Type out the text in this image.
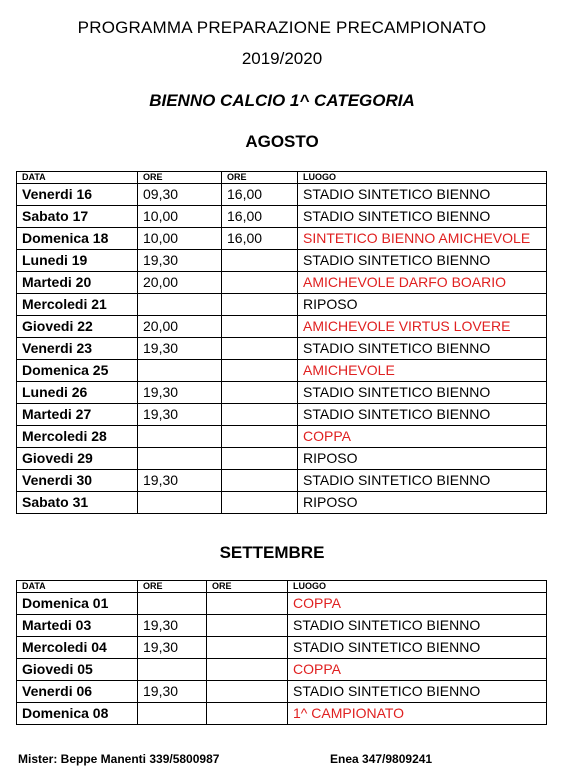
PROGRAMMA PREPARAZIONE PRECAMPIONATO
2019/2020
BIENNO CALCIO 1^ CATEGORIA
AGOSTO
DATA	ORE	ORE	LUOGO
Venerdi 16	09,30	16,00	STADIO SINTETICO BIENNO
Sabato 17	10,00	16,00	STADIO SINTETICO BIENNO
Domenica 18	10,00	16,00	SINTETICO BIENNO AMICHEVOLE
Lunedi 19	19,30		STADIO SINTETICO BIENNO
Martedi 20	20,00		AMICHEVOLE DARFO BOARIO
Mercoledi 21			RIPOSO
Giovedi 22	20,00		AMICHEVOLE VIRTUS LOVERE
Venerdi 23	19,30		STADIO SINTETICO BIENNO
Domenica 25			AMICHEVOLE
Lunedi 26	19,30		STADIO SINTETICO BIENNO
Martedi 27	19,30		STADIO SINTETICO BIENNO
Mercoledi 28			COPPA
Giovedi 29			RIPOSO
Venerdi 30	19,30		STADIO SINTETICO BIENNO
Sabato 31			RIPOSO
SETTEMBRE
DATA	ORE	ORE	LUOGO
Domenica 01			COPPA
Martedi 03	19,30		STADIO SINTETICO BIENNO
Mercoledi 04	19,30		STADIO SINTETICO BIENNO
Giovedi 05			COPPA
Venerdi 06	19,30		STADIO SINTETICO BIENNO
Domenica 08			1^ CAMPIONATO
Mister: Beppe Manenti 339/5800987	Enea 347/9809241
